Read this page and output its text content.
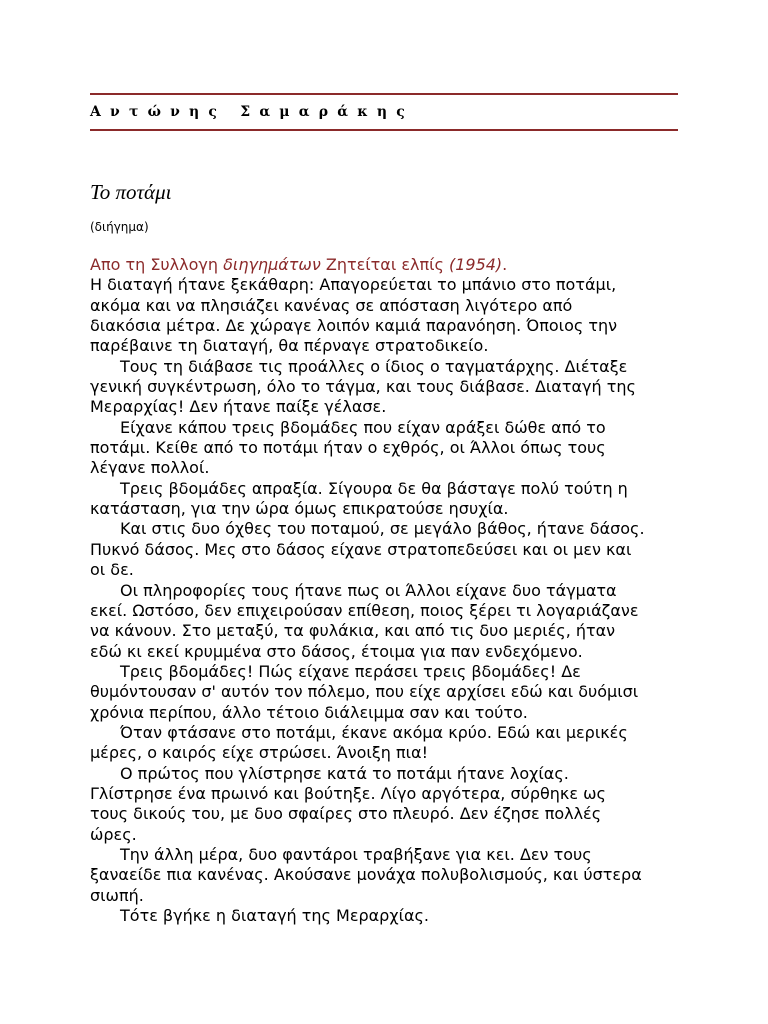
Αντώνης Σαμαράκης
Το ποτάμι
(διήγημα)
Απο τη Συλλογη διηγημάτων Ζητείται ελπίς (1954).
Η διαταγή ήτανε ξεκάθαρη: Απαγορεύεται το μπάνιο στο ποτάμι,
ακόμα και να πλησιάζει κανένας σε απόσταση λιγότερο από
διακόσια μέτρα. Δε χώραγε λοιπόν καμιά παρανόηση. Όποιος την
παρέβαινε τη διαταγή, θα πέρναγε στρατοδικείο.
Τους τη διάβασε τις προάλλες ο ίδιος ο ταγματάρχης. Διέταξε
γενική συγκέντρωση, όλο το τάγμα, και τους διάβασε. Διαταγή της
Μεραρχίας! Δεν ήτανε παίξε γέλασε.
Είχανε κάπου τρεις βδομάδες που είχαν αράξει δώθε από το
ποτάμι. Κείθε από το ποτάμι ήταν ο εχθρός, οι Άλλοι όπως τους
λέγανε πολλοί.
Τρεις βδομάδες απραξία. Σίγουρα δε θα βάσταγε πολύ τούτη η
κατάσταση, για την ώρα όμως επικρατούσε ησυχία.
Και στις δυο όχθες του ποταμού, σε μεγάλο βάθος, ήτανε δάσος.
Πυκνό δάσος. Μες στο δάσος είχανε στρατοπεδεύσει και οι μεν και
οι δε.
Οι πληροφορίες τους ήτανε πως οι Άλλοι είχανε δυο τάγματα
εκεί. Ωστόσο, δεν επιχειρούσαν επίθεση, ποιος ξέρει τι λογαριάζανε
να κάνουν. Στο μεταξύ, τα φυλάκια, και από τις δυο μεριές, ήταν
εδώ κι εκεί κρυμμένα στο δάσος, έτοιμα για παν ενδεχόμενο.
Τρεις βδομάδες! Πώς είχανε περάσει τρεις βδομάδες! Δε
θυμόντουσαν σ' αυτόν τον πόλεμο, που είχε αρχίσει εδώ και δυόμισι
χρόνια περίπου, άλλο τέτοιο διάλειμμα σαν και τούτο.
Όταν φτάσανε στο ποτάμι, έκανε ακόμα κρύο. Εδώ και μερικές
μέρες, ο καιρός είχε στρώσει. Άνοιξη πια!
Ο πρώτος που γλίστρησε κατά το ποτάμι ήτανε λοχίας.
Γλίστρησε ένα πρωινό και βούτηξε. Λίγο αργότερα, σύρθηκε ως
τους δικούς του, με δυο σφαίρες στο πλευρό. Δεν έζησε πολλές
ώρες.
Την άλλη μέρα, δυο φαντάροι τραβήξανε για κει. Δεν τους
ξαναείδε πια κανένας. Ακούσανε μονάχα πολυβολισμούς, και ύστερα
σιωπή.
Τότε βγήκε η διαταγή της Μεραρχίας.
